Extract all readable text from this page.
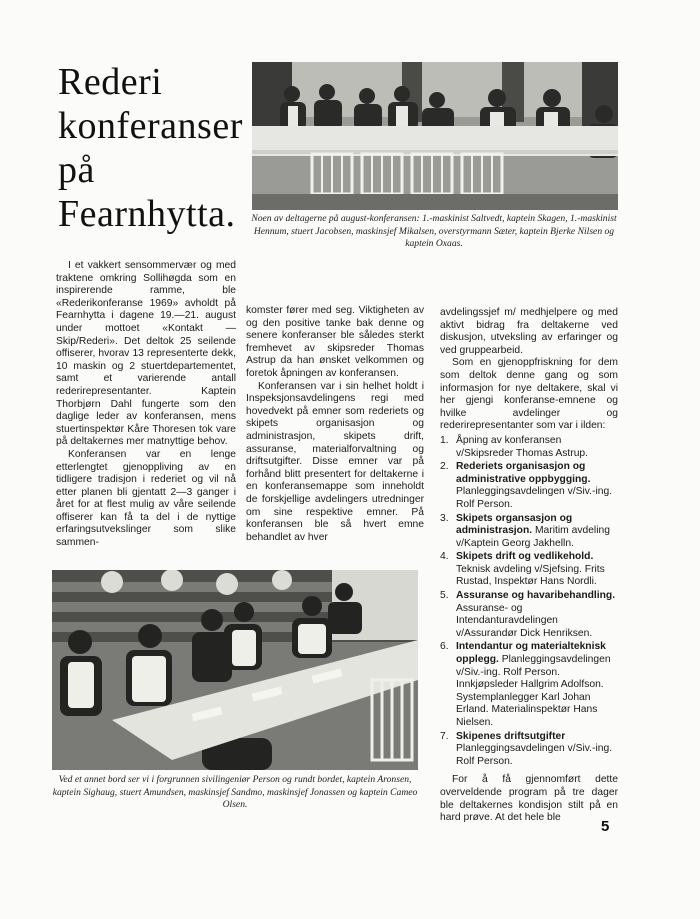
Rederi
konferanser
på
Fearnhytta. Noen av deltagerne på august-konferansen: 1.-maskinist Saltvedt, kaptein Skagen, 1.-maskinist Hennum, stuert Jacobsen, maskinsjef Mikalsen, overstyrmann Sæter, kaptein Bjerke Nilsen og kaptein Oxaas.

I et vakkert sensommervær og med traktene omkring Sollihøgda som en inspirerende ramme, ble «Rederikonferanse 1969» avholdt på Fearnhytta i dagene 19.—21. august under mottoet «Kontakt — Skip/Rederi». Det deltok 25 seilende offiserer, hvorav 13 representerte dekk, 10 maskin og 2 stuertdepartementet, samt et varierende antall rederirepresentanter. Kaptein Thorbjørn Dahl fungerte som den daglige leder av konferansen, mens stuertinspektør Kåre Thoresen tok vare på deltakernes mer matnyttige behov.

Konferansen var en lenge etterlengtet gjenoppliving av en tidligere tradisjon i rederiet og vil nå etter planen bli gjentatt 2—3 ganger i året for at flest mulig av våre seilende offiserer kan få ta del i de nyttige erfaringsutvekslinger som slike sammen-

komster fører med seg. Viktigheten av og den positive tanke bak denne og senere konferanser ble således sterkt fremhevet av skipsreder Thomas Astrup da han ønsket velkommen og foretok åpningen av konferansen.

Konferansen var i sin helhet holdt i Inspeksjonsavdelingens regi med hovedvekt på emner som rederiets og skipets organisasjon og administrasjon, skipets drift, assuranse, materialforvaltning og driftsutgifter. Disse emner var på forhånd blitt presentert for deltakerne i en konferansemappe som inneholdt de forskjellige avdelingers utredninger om sine respektive emner. På konferansen ble så hvert emne behandlet av hver

avdelingssjef m/ medhjelpere og med aktivt bidrag fra deltakerne ved diskusjon, utveksling av erfaringer og ved gruppearbeid.

Som en gjenoppfriskning for dem som deltok denne gang og som informasjon for nye deltakere, skal vi her gjengi konferanse-emnene og hvilke avdelinger og rederirepresentanter som var i ilden:

1. Åpning av konferansen v/Skipsreder Thomas Astrup.
2. Rederiets organisasjon og administrative oppbygging. Planleggingsavdelingen v/Siv.-ing. Rolf Person.
3. Skipets organsasjon og administrasjon. Maritim avdeling v/Kaptein Georg Jakhelln.
4. Skipets drift og vedlikehold. Teknisk avdeling v/Sjefsing. Frits Rustad, Inspektør Hans Nordli.
5. Assuranse og havaribehandling. Assuranse- og Intendanturavdelingen v/Assurandør Dick Henriksen.
6. Intendantur og materialteknisk opplegg. Planleggingsavdelingen v/Siv.-ing. Rolf Person. Innkjøpsleder Hallgrim Adolfson. Systemplanlegger Karl Johan Erland. Materialinspektør Hans Nielsen.
7. Skipenes driftsutgifter Planleggingsavdelingen v/Siv.-ing. Rolf Person.

For å få gjennomført dette overveldende program på tre dager ble deltakernes kondisjon stilt på en hard prøve. At det hele ble

Ved et annet bord ser vi i forgrunnen sivilingeniør Person og rundt bordet, kaptein Aronsen, kaptein Sighaug, stuert Amundsen, maskinsjef Sandmo, maskinsjef Jonassen og kaptein Cameo Olsen.

5
